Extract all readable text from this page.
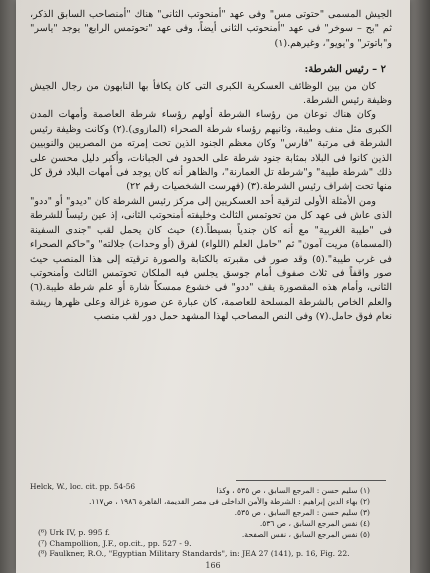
الجيش المسمى "حتوتى مس" وفى عهد "أمنحوتب الثانى" هناك "أمنصاحب السابق الذكر، ثم "بح – سوخر" فى عهد "أمنحوتب الثانى أيضاً، وفى عهد "تحوتمس الرابع" يوجد "ياسر" و"باتوتر" و"يويو"، وغيرهم.(١)

٢ – رئيس الشرطة:

كان من بين الوظائف العسكرية الكبرى التى كان يكافأ بها النابهون من رجال الجيش وظيفة رئيس الشرطة.

وكان هناك نوعان من رؤساء الشرطة أولهم رؤساء شرطة العاصمة وأمهات المدن الكبرى مثل منف وطيبة، وثانيهم رؤساء شرطة الصحراء (المازوى).(٢) وكانت وظيفة رئيس الشرطة فى مرتبة "فارس" وكان معظم الجنود الذين تحت إمرته من المصريين والنوبيين الذين كانوا فى البلاد بمثابة جنود شرطة على الحدود فى الجبانات، وأكبر دليل محسن على ذلك "شرطة طيبة" و"شرطة تل العمارنة"، والظاهر أنه كان يوجد فى أمهات البلاد فرق كل منها تحت إشراف رئيس الشرطة.(٣) (فهرست الشخصيات رقم ٢٢)

ومن الأمثلة الأولى لترقية أحد العسكريين إلى مركز رئيس الشرطة كان "ديدو" أو "ددو" الذى عاش فى عهد كل من تحوتمس الثالث وخليفته أمنحوتب الثانى، إذ عين رئيساً للشرطة فى "طيبة الغربية" مع أنه كان جندياً بسيطاً.(٤) حيث كان يحمل لقب "جندى السفينة (المسماة) مريت آمون" ثم "حامل العلم (اللواء) لفرق (أو وحدات) جلالته" و"حاكم الصحراء فى غرب طيبة".(٥) وقد صور فى مقبرته بالكتابة والصورة ترقيته إلى هذا المنصب حيث صور واقفاً فى ثلاث صفوف أمام جوسق يجلس فيه الملكان تحوتمس الثالث وأمنحوتب الثانى، وأمام هذه المقصورة يقف "ددو" فى خشوع ممسكاً شارة أو علم شرطة طيبة.(٦) والعلم الخاص بالشرطة المسلحة للعاصمة، كان عبارة عن صورة غزالة وعلى ظهرها ريشة نعام فوق حامل.(٧) وفى النص المصاحب لهذا المشهد حمل دور لقب منصب

Helck, W., loc. cit. pp. 54-56	(١) سليم حسن : المرجع السابق ، ص ٥٣٥ ، وكذا
(٢) بهاء الدين إبراهيم : الشرطة والأمن الداخلى فى مصر القديمة، القاهرة ١٩٨٦ ، ص١١٧.
(٣) سليم حسن : المرجع السابق ، ص ٥٣٥.
(٤) نفس المرجع السابق ، ص ٥٣٦.
(٥) نفس المرجع السابق ، نفس الصفحة.
(⁶) Urk IV, p. 995 f.
(⁷) Champollion, J.F., op.cit., pp. 527 - 9.
(⁸) Faulkner, R.O., "Egyptian Military Standards", in: JEA 27 (141), p. 16, Fig. 22.
166
